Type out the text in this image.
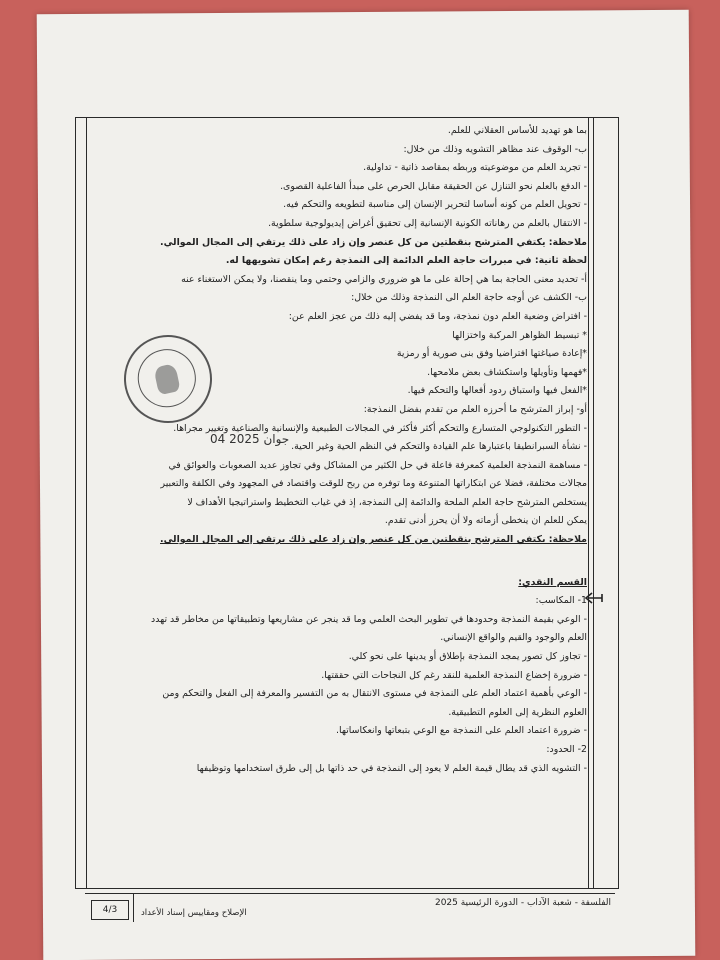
بما هو تهديد للأساس العقلاني للعلم.
ب- الوقوف عند مظاهر التشويه وذلك من خلال:
- تجريد العلم من موضوعيته وربطه بمقاصد ذاتية - تداولية.
- الدفع بالعلم نحو التنازل عن الحقيقة مقابل الحرص على مبدأ الفاعلية القصوى.
- تحويل العلم من كونه أساسا لتحرير الإنسان إلى مناسبة لتطويعه والتحكم فيه.
- الانتقال بالعلم من رهاناته الكونية الإنسانية إلى تحقيق أغراض إيديولوجية سلطوية.
ملاحظة: يكتفي المترشح بنقطتين من كل عنصر وإن زاد على ذلك يرتقي إلى المجال الموالي.
لحظة ثانية: في مبررات حاجة العلم الدائمة إلى النمذجة رغم إمكان تشويهها له.
أ- تحديد معنى الحاجة بما هي إحالة على ما هو ضروري والزامي وحتمي وما ينقصنا، ولا يمكن الاستغناء عنه
ب- الكشف عن أوجه حاجة العلم الى النمذجة وذلك من خلال:
- افتراض وضعية العلم دون نمذجة، وما قد يفضي إليه ذلك من عجز العلم عن:
* تبسيط الظواهر المركبة واختزالها
*إعادة صياغتها افتراضيا وفق بنى صورية أو رمزية
*فهمها وتأويلها واستكشاف بعض ملامحها.
*الفعل فيها واستباق ردود أفعالها والتحكم فيها.
أو- إبراز المترشح ما أحرزه العلم من تقدم بفضل النمذجة:
- التطور التكنولوجي المتسارع والتحكم أكثر فأكثر في المجالات الطبيعية والإنسانية والصناعية وتغيير مجراها.
- نشأة السبرانطيقا باعتبارها علم القيادة والتحكم في النظم الحية وغير الحية.
- مساهمة النمذجة العلمية كمعرفة فاعلة في حل الكثير من المشاكل وفي تجاوز عديد الصعوبات والعوائق في
مجالات مختلفة، فضلا عن ابتكاراتها المتنوعة وما توفره من ربح للوقت واقتصاد في المجهود وفي الكلفة والتعبير
يستخلص المترشح حاجة العلم الملحة والدائمة إلى النمذجة، إذ في غياب التخطيط واستراتيجيا الأهداف لا
يمكن للعلم ان ينخطى أزماته ولا أن يحرز أدنى تقدم.
ملاحظة: يكتفي المترشح بنقطتين من كل عنصر وإن زاد على ذلك يرتقي إلى المجال الموالي.
القسم النقدي:
1- المكاسب:
- الوعي بقيمة النمذجة وحدودها في تطوير البحث العلمي وما قد ينجر عن مشاريعها وتطبيقاتها من مخاطر قد تهدد
العلم والوجود والقيم والواقع الإنساني.
- تجاوز كل تصور يمجد النمذجة بإطلاق أو يدينها على نحو كلي.
- ضرورة إخضاع النمذجة العلمية للنقد رغم كل النجاحات التي حققتها.
- الوعي بأهمية اعتماد العلم على النمذجة في مستوى الانتقال به من التفسير والمعرفة إلى الفعل والتحكم ومن
العلوم النظرية إلى العلوم التطبيقية.
- ضرورة اعتماد العلم على النمذجة مع الوعي بتبعاتها وانعكاساتها.
2- الحدود:
- التشويه الذي قد يطال قيمة العلم لا يعود إلى النمذجة في حد ذاتها بل إلى طرق استخدامها وتوظيفها
04 جوان 2025
4/3
الفلسفة - شعبة الآداب - الدورة الرئيسية 2025
الإصلاح ومقاييس إسناد الأعداد
